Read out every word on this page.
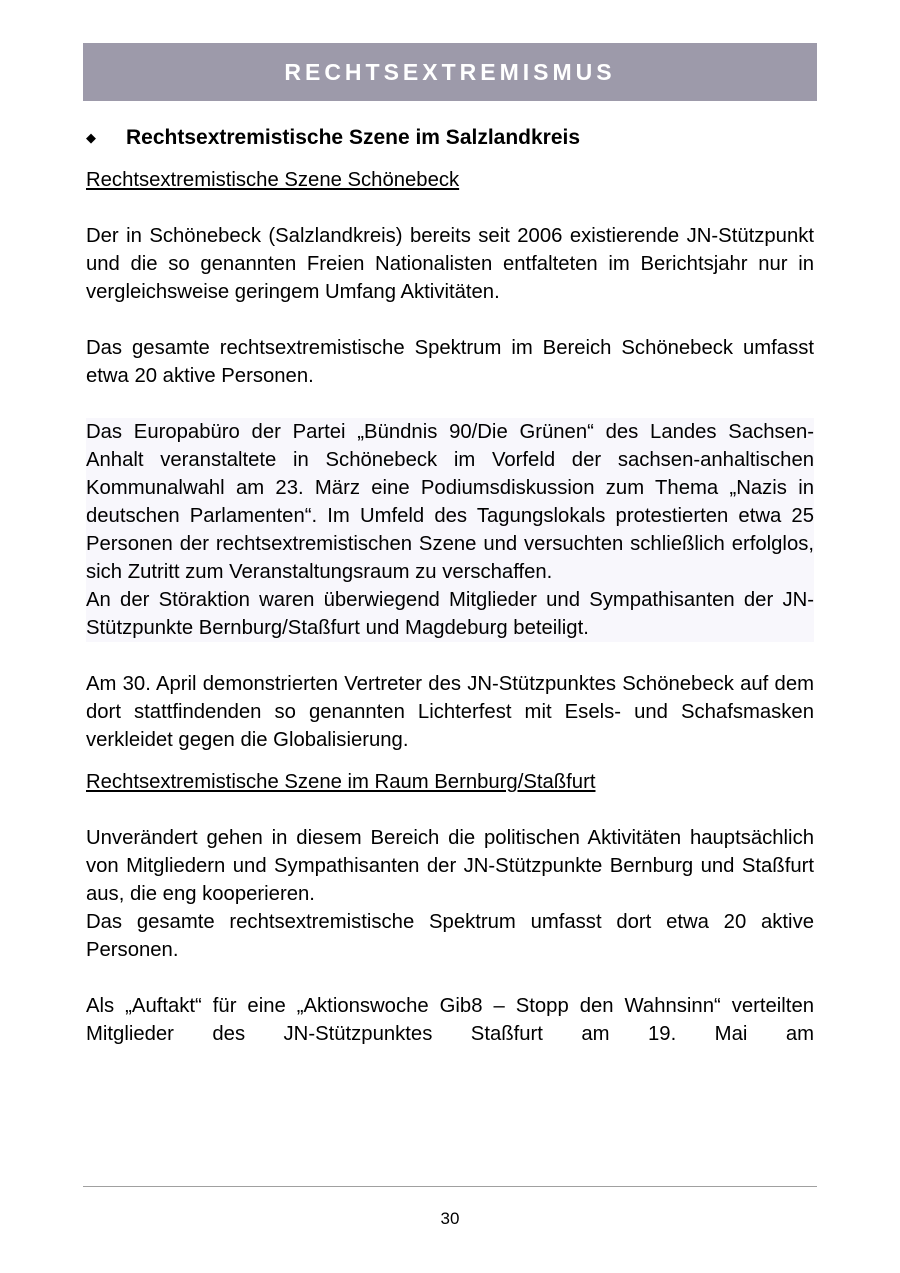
RECHTSEXTREMISMUS
◆	Rechtsextremistische Szene im Salzlandkreis
Rechtsextremistische Szene Schönebeck

Der in Schönebeck (Salzlandkreis) bereits seit 2006 existierende JN-Stützpunkt und die so genannten Freien Nationalisten entfalteten im Berichtsjahr nur in vergleichsweise geringem Umfang Aktivitäten.

Das gesamte rechtsextremistische Spektrum im Bereich Schönebeck umfasst etwa 20 aktive Personen.

Das Europabüro der Partei „Bündnis 90/Die Grünen“ des Landes Sachsen-Anhalt veranstaltete in Schönebeck im Vorfeld der sachsen-anhaltischen Kommunalwahl am 23. März eine Podiumsdiskussion zum Thema „Nazis in deutschen Parlamenten“. Im Umfeld des Tagungslokals protestierten etwa 25 Personen der rechtsextremistischen Szene und versuchten schließlich erfolglos, sich Zutritt zum Veranstaltungsraum zu verschaffen.

An der Störaktion waren überwiegend Mitglieder und Sympathisanten der JN-Stützpunkte Bernburg/Staßfurt und Magdeburg beteiligt.

Am 30. April demonstrierten Vertreter des JN-Stützpunktes Schönebeck auf dem dort stattfindenden so genannten Lichterfest mit Esels- und Schafsmasken verkleidet gegen die Globalisierung.

Rechtsextremistische Szene im Raum Bernburg/Staßfurt

Unverändert gehen in diesem Bereich die politischen Aktivitäten hauptsächlich von Mitgliedern und Sympathisanten der JN-Stützpunkte Bernburg und Staßfurt aus, die eng kooperieren.

Das gesamte rechtsextremistische Spektrum umfasst dort etwa 20 aktive Personen.

Als „Auftakt“ für eine „Aktionswoche Gib8 – Stopp den Wahnsinn“ verteilten Mitglieder des JN-Stützpunktes Staßfurt am 19. Mai am

30
